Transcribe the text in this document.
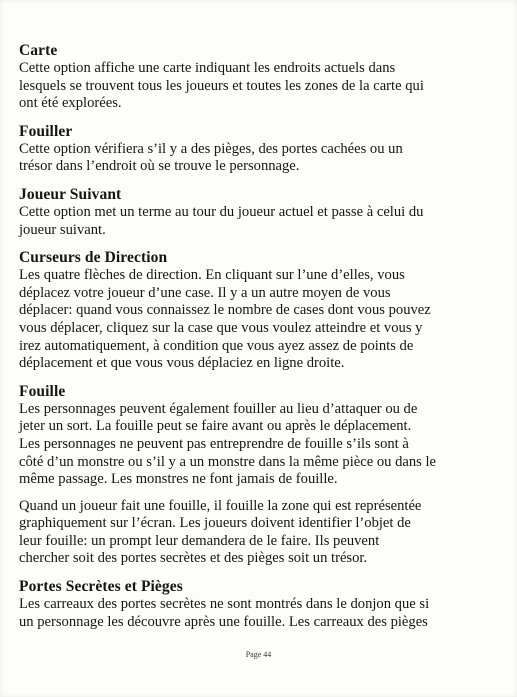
Carte
Cette option affiche une carte indiquant les endroits actuels dans
lesquels se trouvent tous les joueurs et toutes les zones de la carte qui
ont été explorées.
Fouiller
Cette option vérifiera s’il y a des pièges, des portes cachées ou un
trésor dans l’endroit où se trouve le personnage.
Joueur Suivant
Cette option met un terme au tour du joueur actuel et passe à celui du
joueur suivant.
Curseurs de Direction
Les quatre flèches de direction. En cliquant sur l’une d’elles, vous
déplacez votre joueur d’une case. Il y a un autre moyen de vous
déplacer: quand vous connaissez le nombre de cases dont vous pouvez
vous déplacer, cliquez sur la case que vous voulez atteindre et vous y
irez automatiquement, à condition que vous ayez assez de points de
déplacement et que vous vous déplaciez en ligne droite.
Fouille
Les personnages peuvent également fouiller au lieu d’attaquer ou de
jeter un sort. La fouille peut se faire avant ou après le déplacement.
Les personnages ne peuvent pas entreprendre de fouille s’ils sont à
côté d’un monstre ou s’il y a un monstre dans la même pièce ou dans le
même passage. Les monstres ne font jamais de fouille.
Quand un joueur fait une fouille, il fouille la zone qui est représentée
graphiquement sur l’écran. Les joueurs doivent identifier l’objet de
leur fouille: un prompt leur demandera de le faire. Ils peuvent
chercher soit des portes secrètes et des pièges soit un trésor.
Portes Secrètes et Pièges
Les carreaux des portes secrètes ne sont montrés dans le donjon que si
un personnage les découvre après une fouille. Les carreaux des pièges
Page 44
